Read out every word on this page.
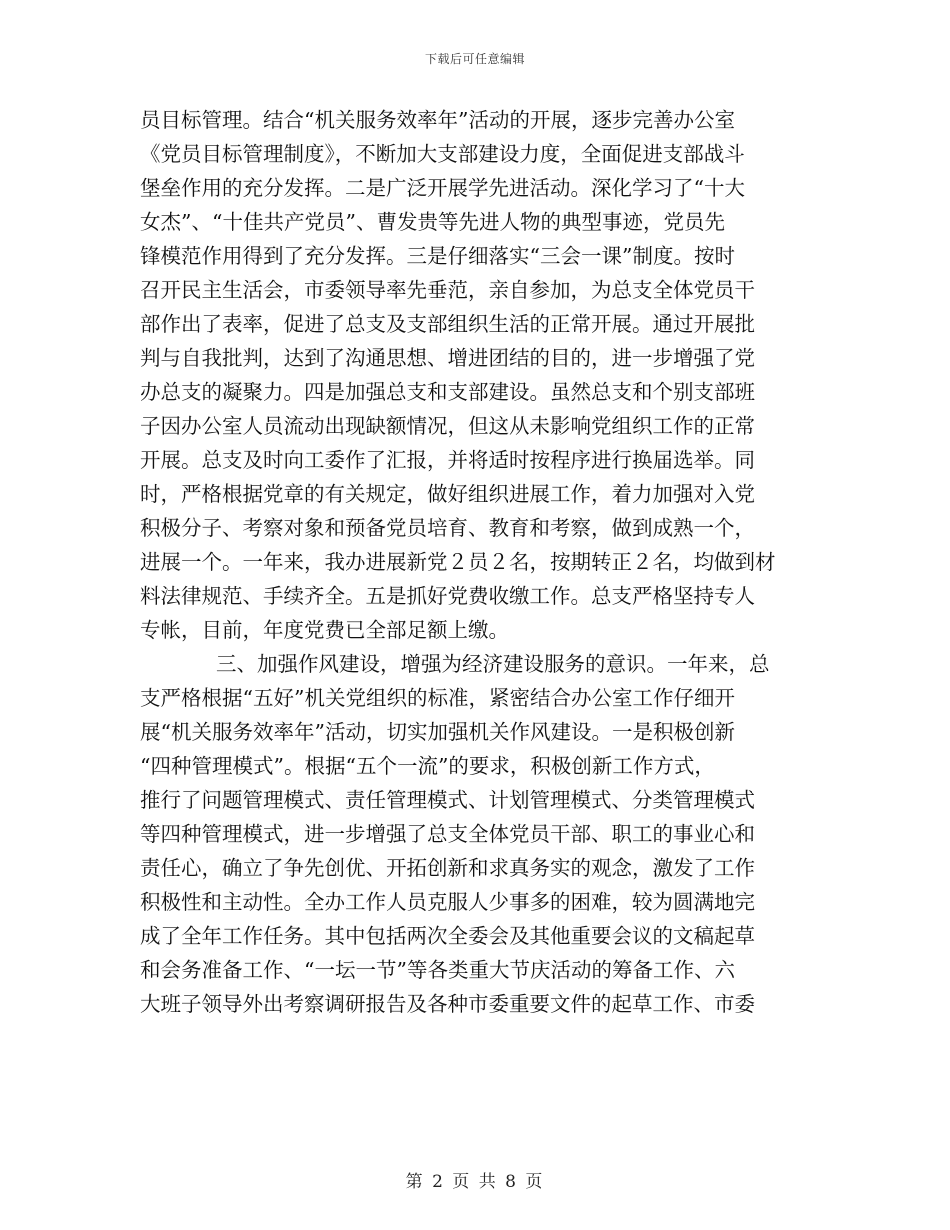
下载后可任意编辑
员目标管理。结合“机关服务效率年”活动的开展，逐步完善办公室
《党员目标管理制度》，不断加大支部建设力度，全面促进支部战斗
堡垒作用的充分发挥。二是广泛开展学先进活动。深化学习了“十大
女杰”、“十佳共产党员”、曹发贵等先进人物的典型事迹，党员先
锋模范作用得到了充分发挥。三是仔细落实“三会一课”制度。按时
召开民主生活会，市委领导率先垂范，亲自参加，为总支全体党员干
部作出了表率，促进了总支及支部组织生活的正常开展。通过开展批
判与自我批判，达到了沟通思想、增进团结的目的，进一步增强了党
办总支的凝聚力。四是加强总支和支部建设。虽然总支和个别支部班
子因办公室人员流动出现缺额情况，但这从未影响党组织工作的正常
开展。总支及时向工委作了汇报，并将适时按程序进行换届选举。同
时，严格根据党章的有关规定，做好组织进展工作，着力加强对入党
积极分子、考察对象和预备党员培育、教育和考察，做到成熟一个，
进展一个。一年来，我办进展新党２员２名，按期转正２名，均做到材
料法律规范、手续齐全。五是抓好党费收缴工作。总支严格坚持专人
专帐，目前，年度党费已全部足额上缴。
三、加强作风建设，增强为经济建设服务的意识。一年来，总
支严格根据“五好”机关党组织的标准，紧密结合办公室工作仔细开
展“机关服务效率年”活动，切实加强机关作风建设。一是积极创新
“四种管理模式”。根据“五个一流”的要求，积极创新工作方式，
推行了问题管理模式、责任管理模式、计划管理模式、分类管理模式
等四种管理模式，进一步增强了总支全体党员干部、职工的事业心和
责任心，确立了争先创优、开拓创新和求真务实的观念，激发了工作
积极性和主动性。全办工作人员克服人少事多的困难，较为圆满地完
成了全年工作任务。其中包括两次全委会及其他重要会议的文稿起草
和会务准备工作、“一坛一节”等各类重大节庆活动的筹备工作、六
大班子领导外出考察调研报告及各种市委重要文件的起草工作、市委
第 2 页 共 8 页
